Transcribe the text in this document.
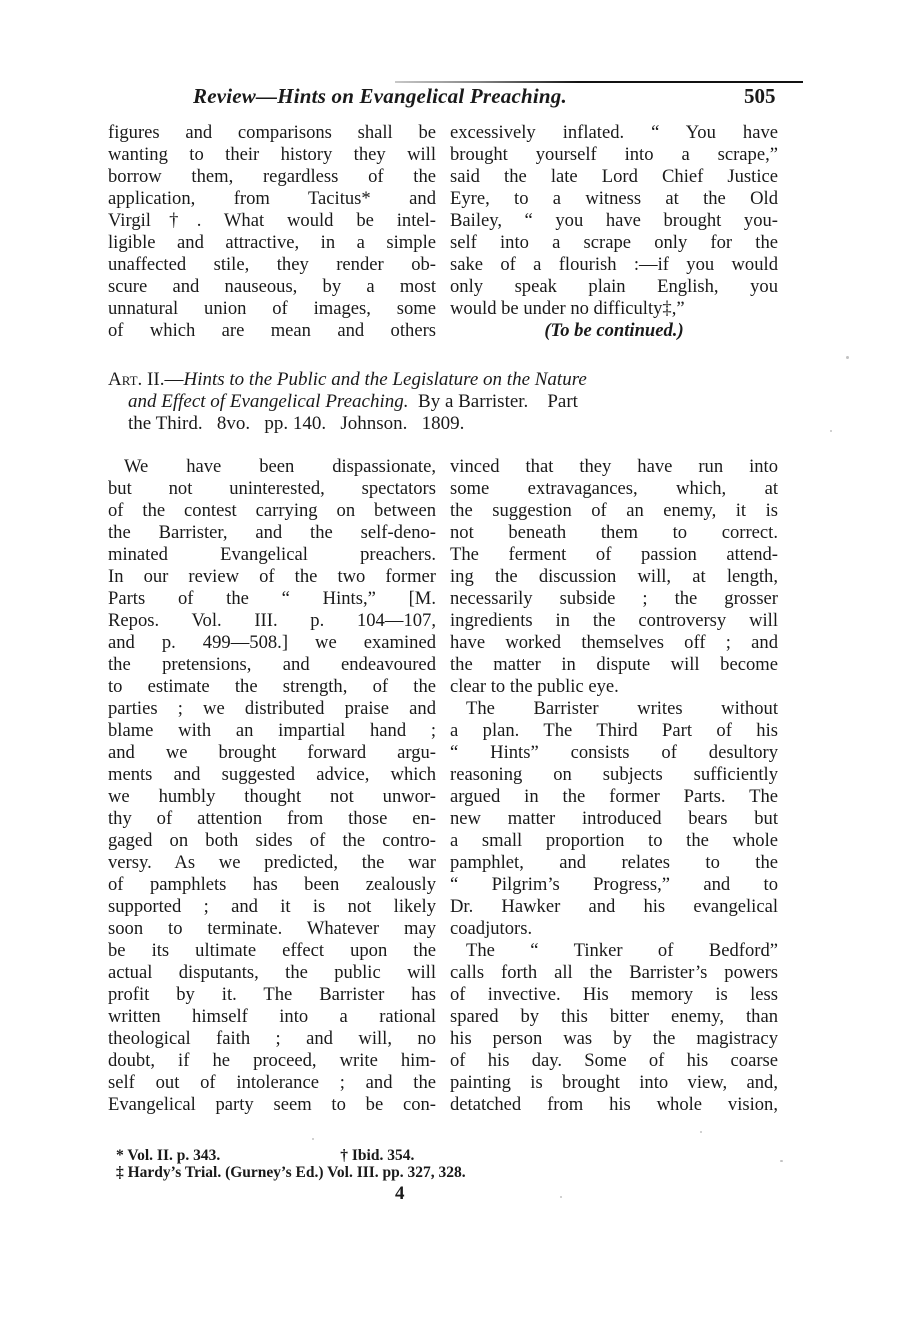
Review—Hints on Evangelical Preaching.	505
figures and comparisons shall be
wanting to their history they will
borrow them, regardless of the
application, from Tacitus* and
Virgil†. What would be intel-
ligible and attractive, in a simple
unaffected stile, they render ob-
scure and nauseous, by a most
unnatural union of images, some
of which are mean and others
excessively inflated. “ You have
brought yourself into a scrape,”
said the late Lord Chief Justice
Eyre, to a witness at the Old
Bailey, “ you have brought you-
self into a scrape only for the
sake of a flourish :—if you would
only speak plain English, you
would be under no difficulty‡,”
(To be continued.)
Art. II.—Hints to the Public and the Legislature on the Nature
and Effect of Evangelical Preaching. By a Barrister. Part
the Third. 8vo. pp. 140. Johnson. 1809.
We have been dispassionate,
but not uninterested, spectators
of the contest carrying on between
the Barrister, and the self-deno-
minated Evangelical preachers.
In our review of the two former
Parts of the “ Hints,” [M.
Repos. Vol. III. p. 104—107,
and p. 499—508.] we examined
the pretensions, and endeavoured
to estimate the strength, of the
parties ; we distributed praise and
blame with an impartial hand ;
and we brought forward argu-
ments and suggested advice, which
we humbly thought not unwor-
thy of attention from those en-
gaged on both sides of the contro-
versy. As we predicted, the war
of pamphlets has been zealously
supported ; and it is not likely
soon to terminate. Whatever may
be its ultimate effect upon the
actual disputants, the public will
profit by it. The Barrister has
written himself into a rational
theological faith ; and will, no
doubt, if he proceed, write him-
self out of intolerance ; and the
Evangelical party seem to be con-
vinced that they have run into
some extravagances, which, at
the suggestion of an enemy, it is
not beneath them to correct.
The ferment of passion attend-
ing the discussion will, at length,
necessarily subside ; the grosser
ingredients in the controversy will
have worked themselves off ; and
the matter in dispute will become
clear to the public eye.
The Barrister writes without
a plan. The Third Part of his
“ Hints” consists of desultory
reasoning on subjects sufficiently
argued in the former Parts. The
new matter introduced bears but
a small proportion to the whole
pamphlet, and relates to the
“ Pilgrim’s Progress,” and to
Dr. Hawker and his evangelical
coadjutors.
The “ Tinker of Bedford”
calls forth all the Barrister’s powers
of invective. His memory is less
spared by this bitter enemy, than
his person was by the magistracy
of his day. Some of his coarse
painting is brought into view, and,
detatched from his whole vision,
* Vol. II. p. 343.	† Ibid. 354.
‡ Hardy’s Trial. (Gurney’s Ed.) Vol. III. pp. 327, 328.
4
